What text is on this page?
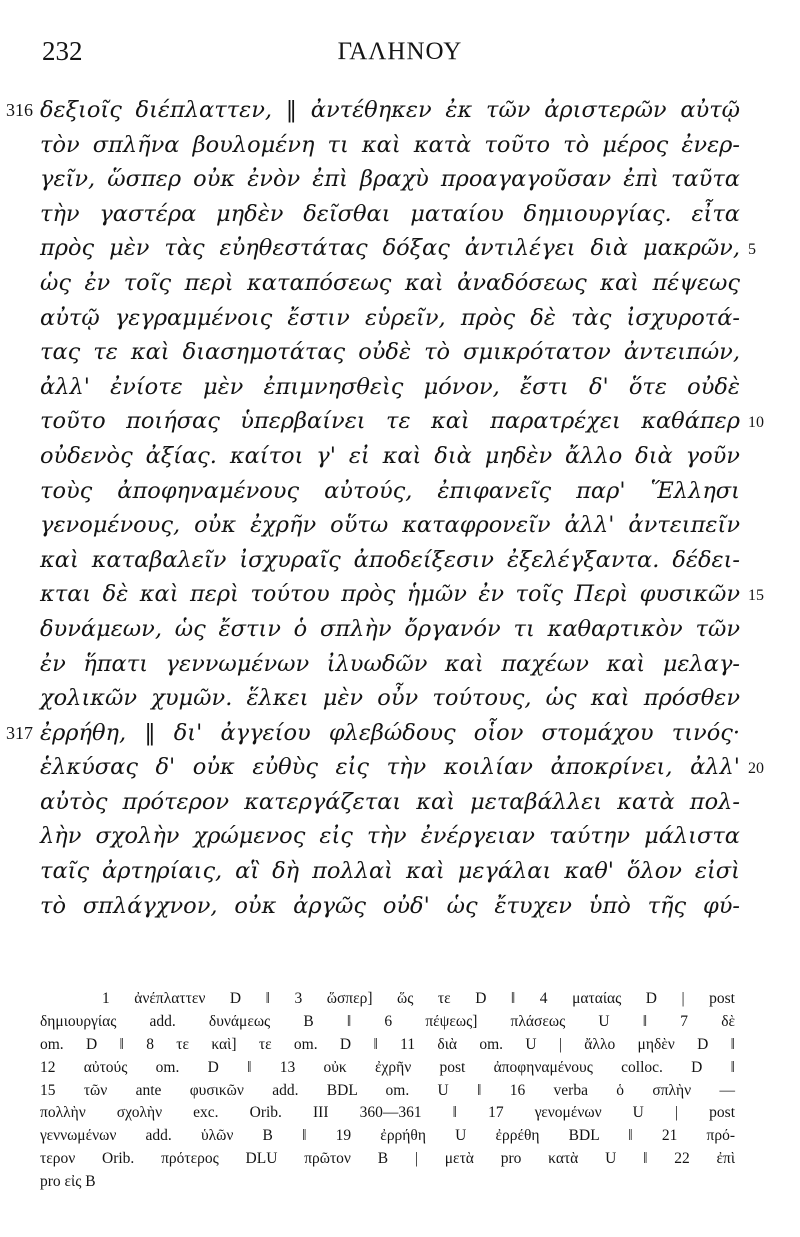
232	ΓΑΛΗΝΟΥ
316 δεξιοῖς διέπλαττεν, ‖ ἀντέθηκεν ἐκ τῶν ἀριστερῶν αὐτῷ
τὸν σπλῆνα βουλομένη τι καὶ κατὰ τοῦτο τὸ μέρος ἐνερ-
γεῖν, ὥσπερ οὐκ ἐνὸν ἐπὶ βραχὺ προαγαγοῦσαν ἐπὶ ταῦτα
τὴν γαστέρα μηδὲν δεῖσθαι ματαίου δημιουργίας. εἶτα
πρὸς μὲν τὰς εὐηθεστάτας δόξας ἀντιλέγει διὰ μακρῶν, 5
ὡς ἐν τοῖς περὶ καταπόσεως καὶ ἀναδόσεως καὶ πέψεως
αὐτῷ γεγραμμένοις ἔστιν εὑρεῖν, πρὸς δὲ τὰς ἰσχυροτά-
τας τε καὶ διασημοτάτας οὐδὲ τὸ σμικρότατον ἀντειπών,
ἀλλ' ἐνίοτε μὲν ἐπιμνησθεὶς μόνον, ἔστι δ' ὅτε οὐδὲ
τοῦτο ποιήσας ὑπερβαίνει τε καὶ παρατρέχει καθάπερ 10
οὐδενὸς ἀξίας. καίτοι γ' εἰ καὶ διὰ μηδὲν ἄλλο διὰ γοῦν
τοὺς ἀποφηναμένους αὐτούς, ἐπιφανεῖς παρ' Ἕλλησι
γενομένους, οὐκ ἐχρῆν οὕτω καταφρονεῖν ἀλλ' ἀντειπεῖν
καὶ καταβαλεῖν ἰσχυραῖς ἀποδείξεσιν ἐξελέγξαντα. δέδει-
κται δὲ καὶ περὶ τούτου πρὸς ἡμῶν ἐν τοῖς Περὶ φυσικῶν 15
δυνάμεων, ὡς ἔστιν ὁ σπλὴν ὄργανόν τι καθαρτικὸν τῶν
ἐν ἥπατι γεννωμένων ἰλυωδῶν καὶ παχέων καὶ μελαγ-
χολικῶν χυμῶν. ἕλκει μὲν οὖν τούτους, ὡς καὶ πρόσθεν
317 ἐρρήθη, ‖ δι' ἀγγείου φλεβώδους οἷον στομάχου τινός·
ἑλκύσας δ' οὐκ εὐθὺς εἰς τὴν κοιλίαν ἀποκρίνει, ἀλλ' 20
αὐτὸς πρότερον κατεργάζεται καὶ μεταβάλλει κατὰ πολ-
λὴν σχολὴν χρώμενος εἰς τὴν ἐνέργειαν ταύτην μάλιστα
ταῖς ἀρτηρίαις, αἳ δὴ πολλαὶ καὶ μεγάλαι καθ' ὅλον εἰσὶ
τὸ σπλάγχνον, οὐκ ἀργῶς οὐδ' ὡς ἔτυχεν ὑπὸ τῆς φύ-
1 ἀνέπλαττεν D ‖ 3 ὥσπερ] ὥς τε D ‖ 4 ματαίας D | post
δημιουργίας add. δυνάμεως B ‖ 6 πέψεως] πλάσεως U ‖ 7 δὲ
om. D ‖ 8 τε καὶ] τε om. D ‖ 11 διὰ om. U | ἄλλο μηδὲν D ‖
12 αὐτούς om. D ‖ 13 οὐκ ἐχρῆν post ἀποφηναμένους colloc. D ‖
15 τῶν ante φυσικῶν add. BDL om. U ‖ 16 verba ὁ σπλὴν —
πολλὴν σχολὴν exc. Orib. III 360—361 ‖ 17 γενομένων U | post
γεννωμένων add. ὑλῶν B ‖ 19 ἐρρήθη U ἐρρέθη BDL ‖ 21 πρό-
τερον Orib. πρότερος DLU πρῶτον B | μετὰ pro κατὰ U ‖ 22 ἐπὶ
pro εἰς B
